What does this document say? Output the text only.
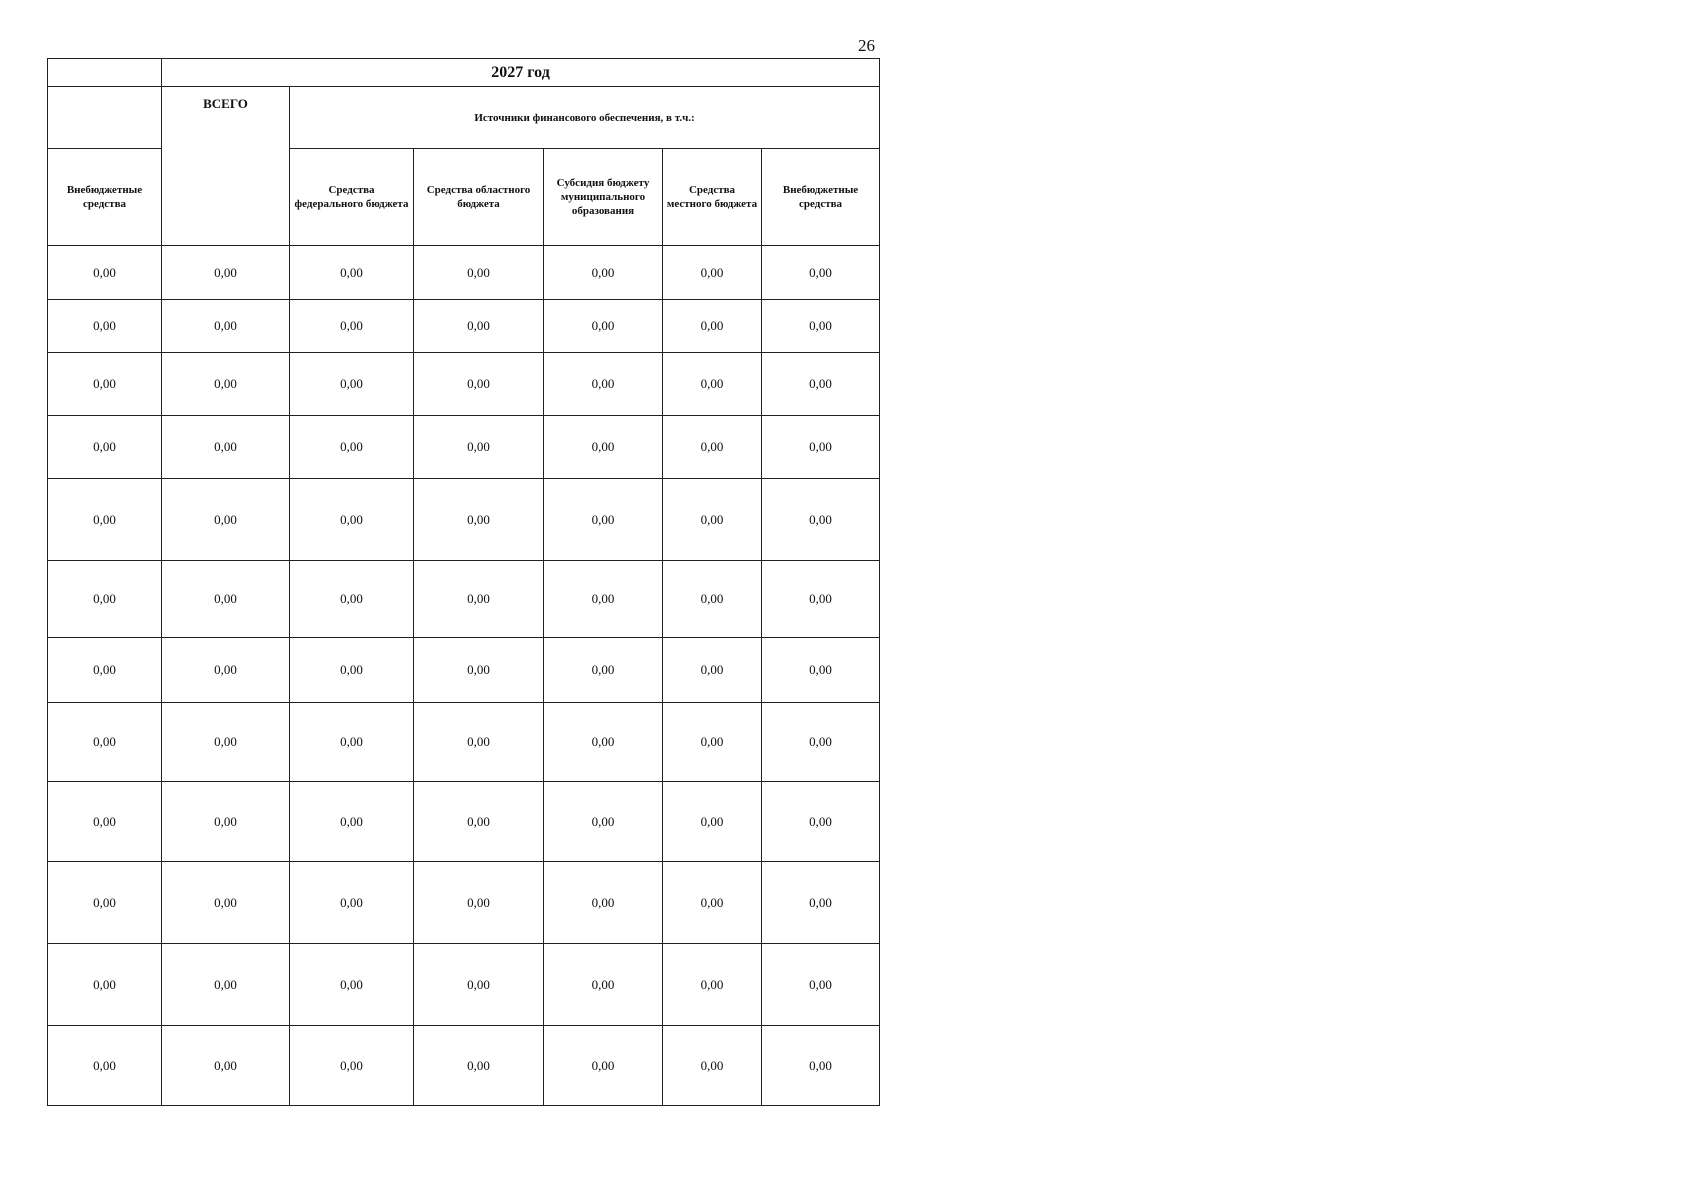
26
	2027 год					
	ВСЕГО	Источники финансового обеспечения, в т.ч.:				
Внебюджетные средства		Средства федерального бюджета	Средства областного бюджета	Субсидия бюджету муниципального образования	Средства местного бюджета	Внебюджетные средства
0,00	0,00	0,00	0,00	0,00	0,00	0,00
0,00	0,00	0,00	0,00	0,00	0,00	0,00
0,00	0,00	0,00	0,00	0,00	0,00	0,00
0,00	0,00	0,00	0,00	0,00	0,00	0,00
0,00	0,00	0,00	0,00	0,00	0,00	0,00
0,00	0,00	0,00	0,00	0,00	0,00	0,00
0,00	0,00	0,00	0,00	0,00	0,00	0,00
0,00	0,00	0,00	0,00	0,00	0,00	0,00
0,00	0,00	0,00	0,00	0,00	0,00	0,00
0,00	0,00	0,00	0,00	0,00	0,00	0,00
0,00	0,00	0,00	0,00	0,00	0,00	0,00
0,00	0,00	0,00	0,00	0,00	0,00	0,00
